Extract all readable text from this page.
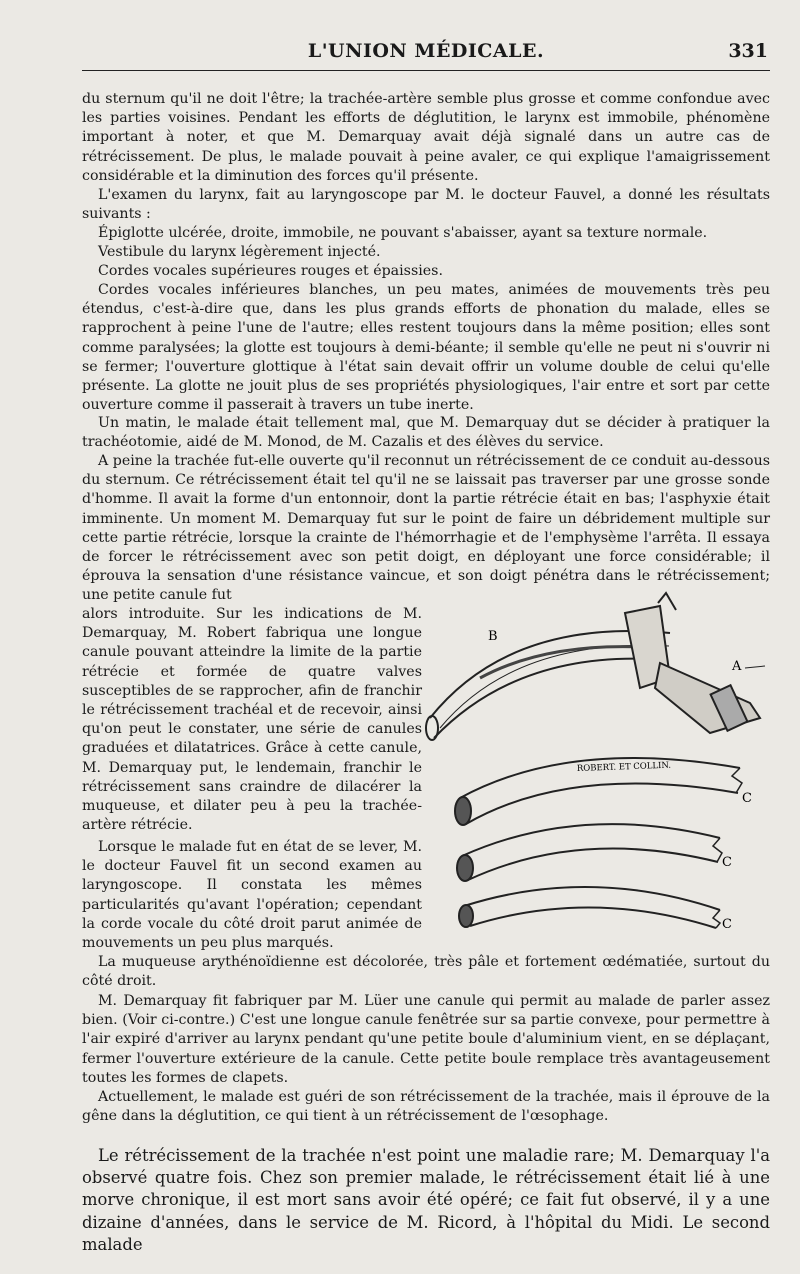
L'UNION MÉDICALE.	331

du sternum qu'il ne doit l'être; la trachée-artère semble plus grosse et comme confondue avec les parties voisines. Pendant les efforts de déglutition, le larynx est immobile, phénomène important à noter, et que M. Demarquay avait déjà signalé dans un autre cas de rétrécissement. De plus, le malade pouvait à peine avaler, ce qui explique l'amaigrissement considérable et la diminution des forces qu'il présente.

L'examen du larynx, fait au laryngoscope par M. le docteur Fauvel, a donné les résultats suivants :

Épiglotte ulcérée, droite, immobile, ne pouvant s'abaisser, ayant sa texture normale.

Vestibule du larynx légèrement injecté.

Cordes vocales supérieures rouges et épaissies.

Cordes vocales inférieures blanches, un peu mates, animées de mouvements très peu étendus, c'est-à-dire que, dans les plus grands efforts de phonation du malade, elles se rapprochent à peine l'une de l'autre; elles restent toujours dans la même position; elles sont comme paralysées; la glotte est toujours à demi-béante; il semble qu'elle ne peut ni s'ouvrir ni se fermer; l'ouverture glottique à l'état sain devait offrir un volume double de celui qu'elle présente. La glotte ne jouit plus de ses propriétés physiologiques, l'air entre et sort par cette ouverture comme il passerait à travers un tube inerte.

Un matin, le malade était tellement mal, que M. Demarquay dut se décider à pratiquer la trachéotomie, aidé de M. Monod, de M. Cazalis et des élèves du service.

A peine la trachée fut-elle ouverte qu'il reconnut un rétrécissement de ce conduit au-dessous du sternum. Ce rétrécissement était tel qu'il ne se laissait pas traverser par une grosse sonde d'homme. Il avait la forme d'un entonnoir, dont la partie rétrécie était en bas; l'asphyxie était imminente. Un moment M. Demarquay fut sur le point de faire un débridement multiple sur cette partie rétrécie, lorsque la crainte de l'hémorrhagie et de l'emphysème l'arrêta. Il essaya de forcer le rétrécissement avec son petit doigt, en déployant une force considérable; il éprouva la sensation d'une résistance vaincue, et son doigt pénétra dans le rétrécissement; une petite canule fut

alors introduite. Sur les indications de M. Demarquay, M. Robert fabriqua une longue canule pouvant atteindre la limite de la partie rétrécie et formée de quatre valves susceptibles de se rapprocher, afin de franchir le rétrécissement trachéal et de recevoir, ainsi qu'on peut le constater, une série de canules graduées et dilatatrices. Grâce à cette canule, M. Demarquay put, le lendemain, franchir le rétrécissement sans craindre de dilacérer la muqueuse, et dilater peu à peu la trachée-artère rétrécie.

Lorsque le malade fut en état de se lever, M. le docteur Fauvel fit un second examen au laryngoscope. Il constata les mêmes particularités qu'avant l'opération; cependant la corde vocale du côté droit parut animée de mouvements un peu plus marqués.

La muqueuse arythénoïdienne est décolorée, très pâle et fortement œdématiée, surtout du côté droit.

M. Demarquay fit fabriquer par M. Lüer une canule qui permit au malade de parler assez bien. (Voir ci-contre.) C'est une longue canule fenêtrée sur sa partie convexe, pour permettre à l'air expiré d'arriver au larynx pendant qu'une petite boule d'aluminium vient, en se déplaçant, fermer l'ouverture extérieure de la canule. Cette petite boule remplace très avantageusement toutes les formes de clapets.

Actuellement, le malade est guéri de son rétrécissement de la trachée, mais il éprouve de la gêne dans la déglutition, ce qui tient à un rétrécissement de l'œsophage.

Le rétrécissement de la trachée n'est point une maladie rare; M. Demarquay l'a observé quatre fois. Chez son premier malade, le rétrécissement était lié à une morve chronique, il est mort sans avoir été opéré; ce fait fut observé, il y a une dizaine d'années, dans le service de M. Ricord, à l'hôpital du Midi. Le second malade

B
A
ROBERT. ET COLLIN.
C
C
C
